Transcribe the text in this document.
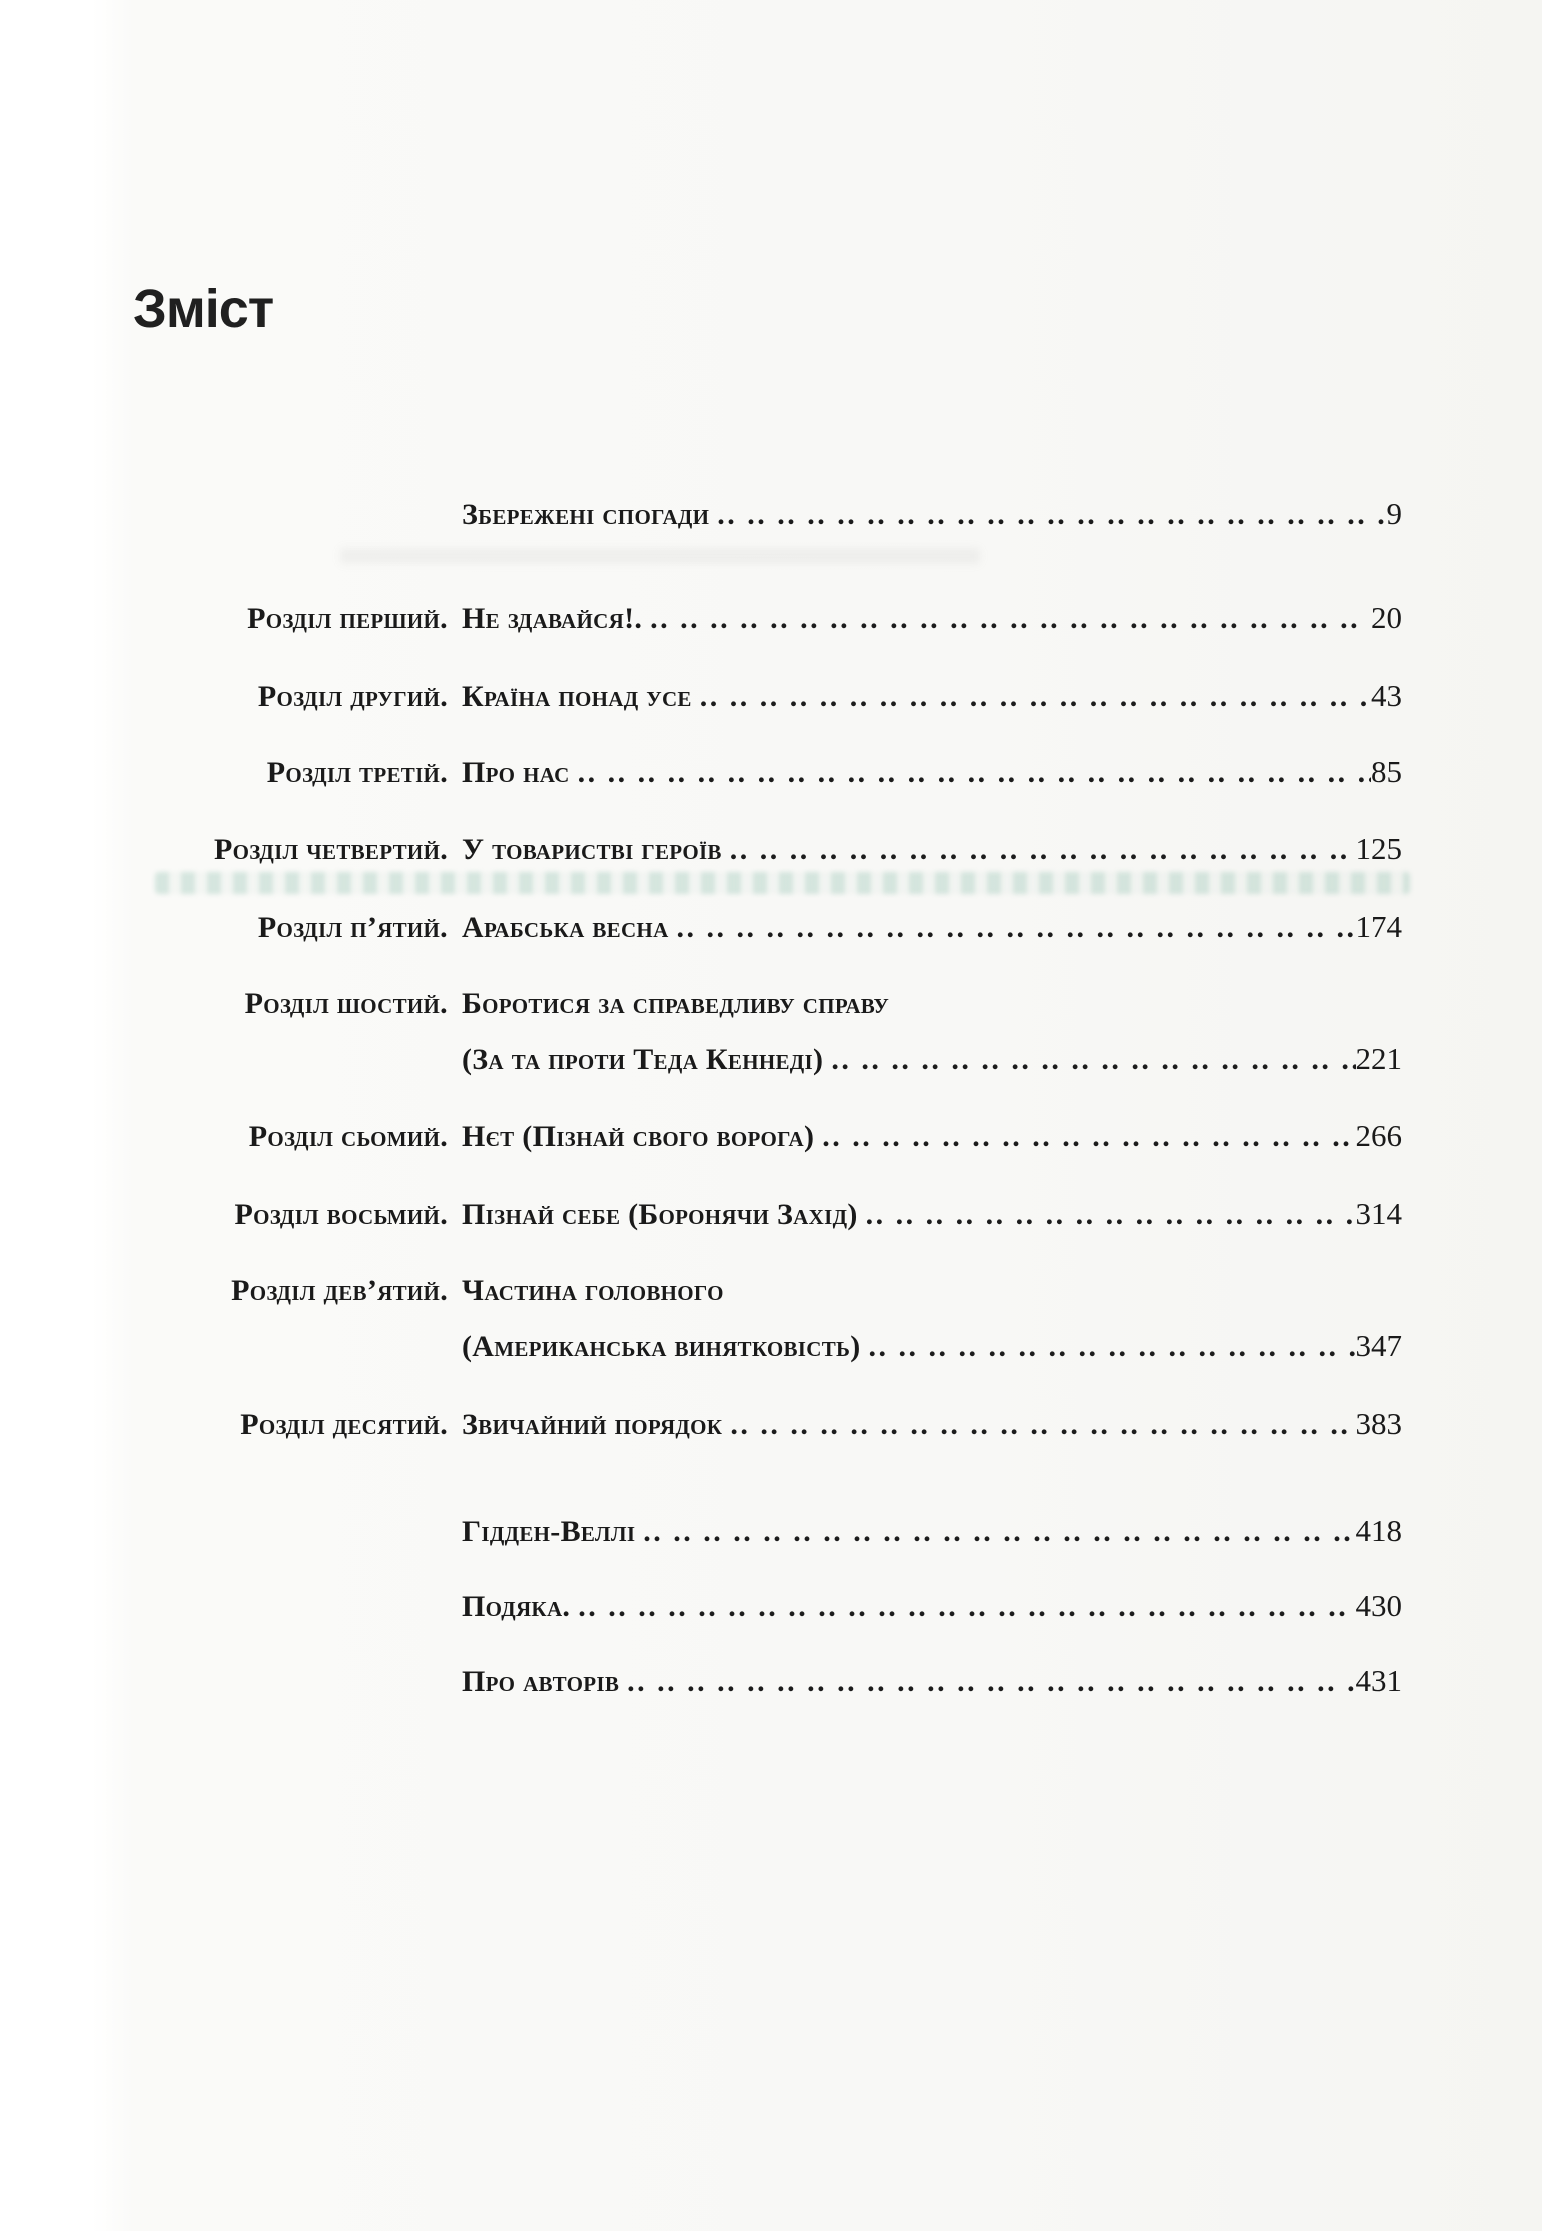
Зміст
Збережені спогади .. ..	9
Розділ перший. Не здавайся!. .. ..	20
Розділ другий. Країна понад усе .. ..	43
Розділ третій. Про нас .. ..	85
Розділ четвертий. У товаристві героїв .. ..	125
Розділ п’ятий. Арабська весна .. ..	174
Розділ шостий. Боротися за справедливу справу
(За та проти Теда Кеннеді) .. ..	221
Розділ сьомий. Нєт (Пізнай свого ворога) .. ..	266
Розділ восьмий. Пізнай себе (Боронячи Захід) .. ..	314
Розділ дев’ятий. Частина головного
(Американська винятковість) .. ..	347
Розділ десятий. Звичайний порядок .. ..	383
Гідден-Веллі .. ..	418
Подяка. .. ..	430
Про авторів .. ..	431
